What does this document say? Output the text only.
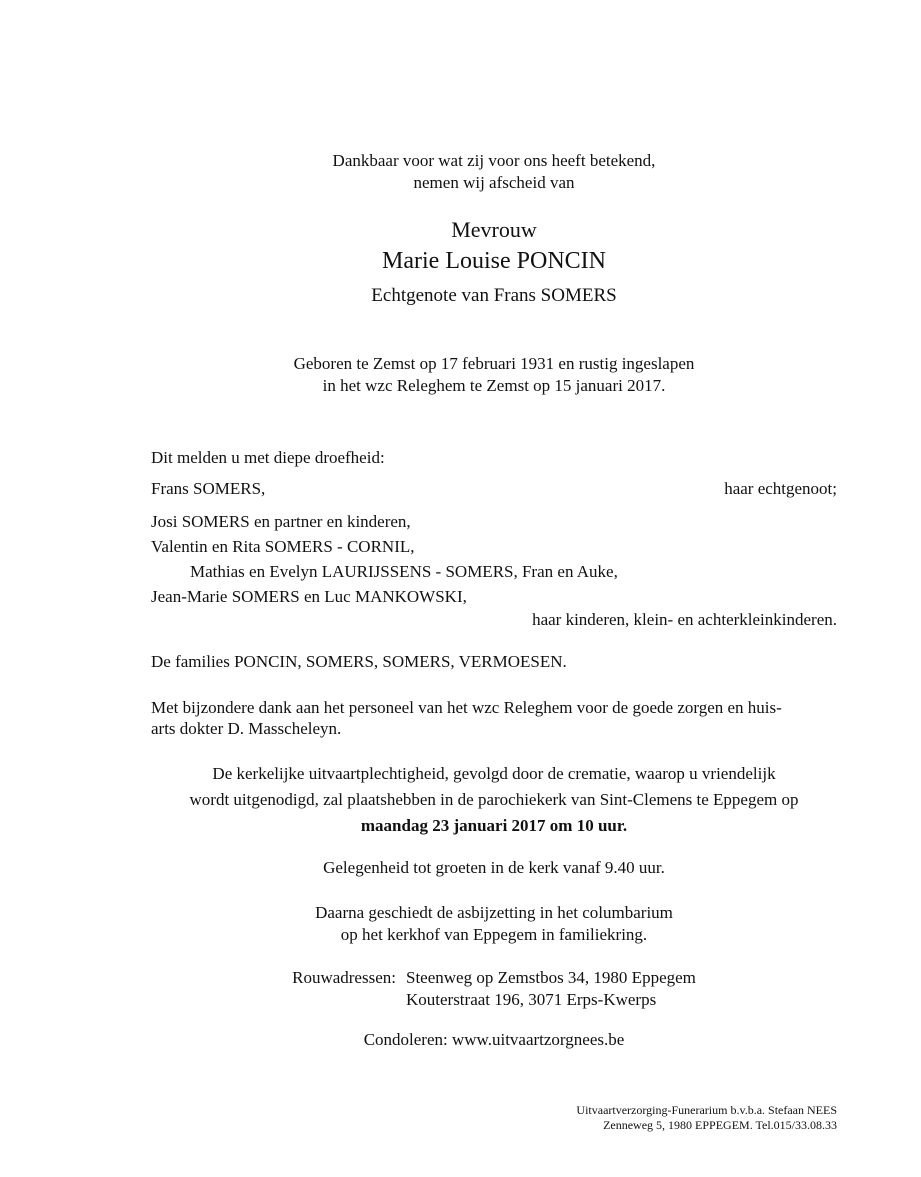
Dankbaar voor wat zij voor ons heeft betekend,
nemen wij afscheid van
Mevrouw
Marie Louise PONCIN
Echtgenote van Frans SOMERS
Geboren te Zemst op 17 februari 1931 en rustig ingeslapen
in het wzc Releghem te Zemst op 15 januari 2017.
Dit melden u met diepe droefheid:
Frans SOMERS,	haar echtgenoot;
Josi SOMERS en partner en kinderen,
Valentin en Rita SOMERS - CORNIL,
Mathias en Evelyn LAURIJSSENS - SOMERS, Fran en Auke,
Jean-Marie SOMERS en Luc MANKOWSKI,
haar kinderen, klein- en achterkleinkinderen.
De families PONCIN, SOMERS, SOMERS, VERMOESEN.
Met bijzondere dank aan het personeel van het wzc Releghem voor de goede zorgen en huis-
arts dokter D. Masscheleyn.
De kerkelijke uitvaartplechtigheid, gevolgd door de crematie, waarop u vriendelijk
wordt uitgenodigd, zal plaatshebben in de parochiekerk van Sint-Clemens te Eppegem op
maandag 23 januari 2017 om 10 uur.
Gelegenheid tot groeten in de kerk vanaf 9.40 uur.
Daarna geschiedt de asbijzetting in het columbarium
op het kerkhof van Eppegem in familiekring.
Rouwadressen: Steenweg op Zemstbos 34, 1980 Eppegem
Kouterstraat 196, 3071 Erps-Kwerps
Condoleren: www.uitvaartzorgnees.be
Uitvaartverzorging-Funerarium b.v.b.a. Stefaan NEES
Zenneweg 5, 1980 EPPEGEM. Tel.015/33.08.33
